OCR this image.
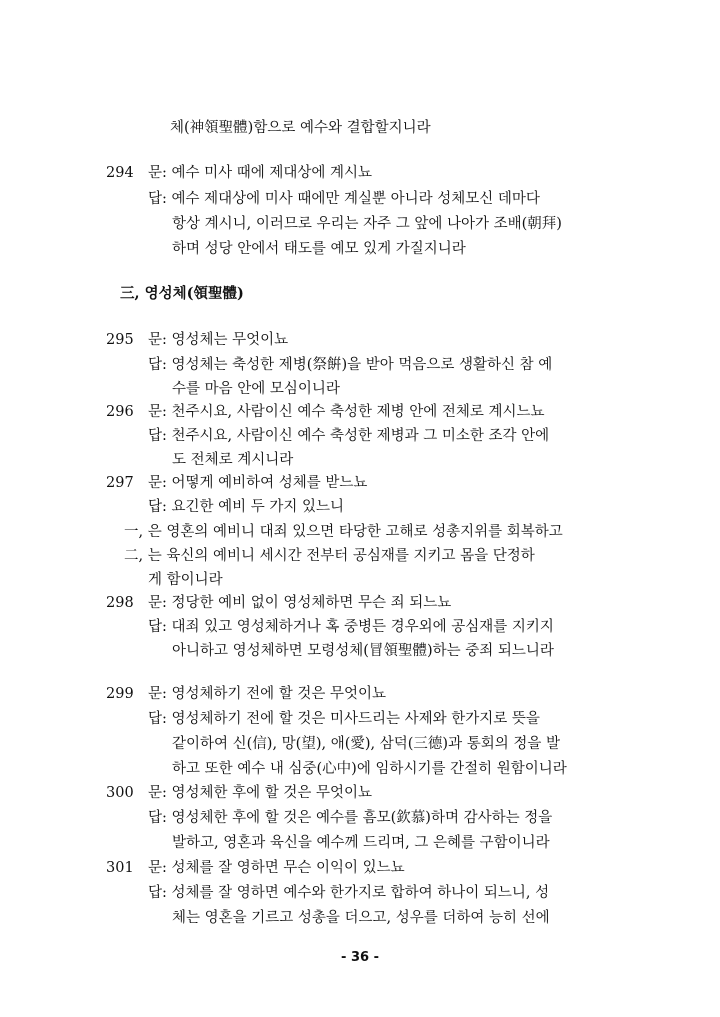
체(神領聖體)함으로 예수와 결합할지니라
294 문: 예수 미사 때에 제대상에 계시뇨
답: 예수 제대상에 미사 때에만 계실뿐 아니라 성체모신 데마다
항상 계시니, 이러므로 우리는 자주 그 앞에 나아가 조배(朝拜)
하며 성당 안에서 태도를 예모 있게 가질지니라
三, 영성체(領聖體)
295 문: 영성체는 무엇이뇨
답: 영성체는 축성한 제병(祭餠)을 받아 먹음으로 생활하신 참 예
수를 마음 안에 모심이니라
296 문: 천주시요, 사람이신 예수 축성한 제병 안에 전체로 계시느뇨
답: 천주시요, 사람이신 예수 축성한 제병과 그 미소한 조각 안에
도 전체로 계시니라
297 문: 어떻게 예비하여 성체를 받느뇨
답: 요긴한 예비 두 가지 있느니
一, 은 영혼의 예비니 대죄 있으면 타당한 고해로 성총지위를 회복하고
二, 는 육신의 예비니 세시간 전부터 공심재를 지키고 몸을 단정하
게 함이니라
298 문: 정당한 예비 없이 영성체하면 무슨 죄 되느뇨
답: 대죄 있고 영성체하거나 혹 중병든 경우외에 공심재를 지키지
아니하고 영성체하면 모령성체(冒領聖體)하는 중죄 되느니라
299 문: 영성체하기 전에 할 것은 무엇이뇨
답: 영성체하기 전에 할 것은 미사드리는 사제와 한가지로 뜻을
같이하여 신(信), 망(望), 애(愛), 삼덕(三德)과 통회의 정을 발
하고 또한 예수 내 심중(心中)에 임하시기를 간절히 원함이니라
300 문: 영성체한 후에 할 것은 무엇이뇨
답: 영성체한 후에 할 것은 예수를 흠모(欽慕)하며 감사하는 정을
발하고, 영혼과 육신을 예수께 드리며, 그 은혜를 구함이니라
301 문: 성체를 잘 영하면 무슨 이익이 있느뇨
답: 성체를 잘 영하면 예수와 한가지로 합하여 하나이 되느니, 성
체는 영혼을 기르고 성총을 더으고, 성우를 더하여 능히 선에
- 36 -
